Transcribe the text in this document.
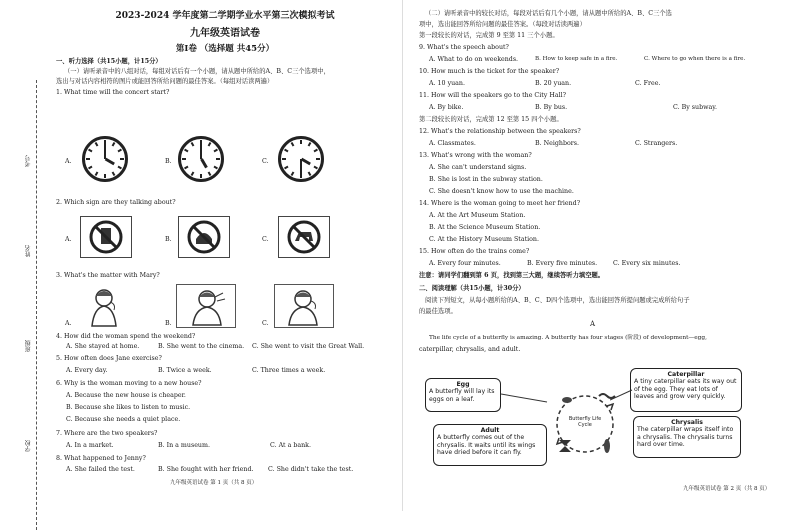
考号
姓名
班级
学校
2023-2024 学年度第二学期学业水平第三次模拟考试
九年级英语试卷
第Ⅰ卷 （选择题 共45分）
一、听力选择（共15小题，计15分）
（一）请听录音中的八组对话，每组对话后有一个小题，请从题中所给的A、B、C三个选项中，
选出与对话内容相符的图片或能回答所给问题的最佳答案。（每组对话读两遍）
1. What time will the concert start?
A.	B.	C.
2. Which sign are they talking about?
A.	B.	C.
3. What's the matter with Mary?
A.	B.	C.
4. How did the woman spend the weekend?
A. She stayed at home.	B. She went to the cinema. C. She went to visit the Great Wall.
5. How often does Jane exercise?
A. Every day.	B. Twice a week.	C. Three times a week.
6. Why is the woman moving to a new house?
A. Because the new house is cheaper.
B. Because she likes to listen to music.
C. Because she needs a quiet place.
7. Where are the two speakers?
A. In a market.	B. In a museum.	C. At a bank.
8. What happened to Jenny?
A. She failed the test.	B. She fought with her friend. C. She didn't take the test.
九年级英语试卷 第 1 页（共 8 页）
（二）请听录音中的较长对话，每段对话后有几个小题，请从题中所给的A、B、C三个选
项中，选出能回答所给问题的最佳答案。（每段对话读两遍）
第一段较长的对话，完成第 9 至第 11 三个小题。
9. What's the speech about?
A. What to do on weekends.	B. How to keep safe in a fire.	C. Where to go when there is a fire.
10. How much is the ticket for the speaker?
A. 10 yuan.	B. 20 yuan.	C. Free.
11. How will the speakers go to the City Hall?
A. By bike.	B. By bus.	C. By subway.
第二段较长的对话，完成第 12 至第 15 四个小题。
12. What's the relationship between the speakers?
A. Classmates.	B. Neighbors.	C. Strangers.
13. What's wrong with the woman?
A. She can't understand signs.
B. She is lost in the subway station.
C. She doesn't know how to use the machine.
14. Where is the woman going to meet her friend?
A. At the Art Museum Station.
B. At the Science Museum Station.
C. At the History Museum Station.
15. How often do the trains come?
A. Every four minutes.	B. Every five minutes.	C. Every six minutes.
注意：请同学们翻到第 6 页，找到第三大题，继续答听力填空题。
二、阅读理解（共15小题，计30分）
阅读下列短文，从每小题所给的A、B、C、D四个选项中，选出能回答所提问题或完成所给句子
的最佳选项。
A
The life cycle of a butterfly is amazing. A butterfly has four stages (阶段) of development—egg,
caterpillar, chrysalis, and adult.
Egg
A butterfly will lay its eggs on a leaf.
Caterpillar
A tiny caterpillar eats its way out of the egg. They eat lots of leaves and grow very quickly.
Adult
A butterfly comes out of the chrysalis. It waits until its wings have dried before it can fly.
Chrysalis
The caterpillar wraps itself into a chrysalis. The chrysalis turns hard over time.
Butterfly Life Cycle
九年级英语试卷 第 2 页（共 8 页）
